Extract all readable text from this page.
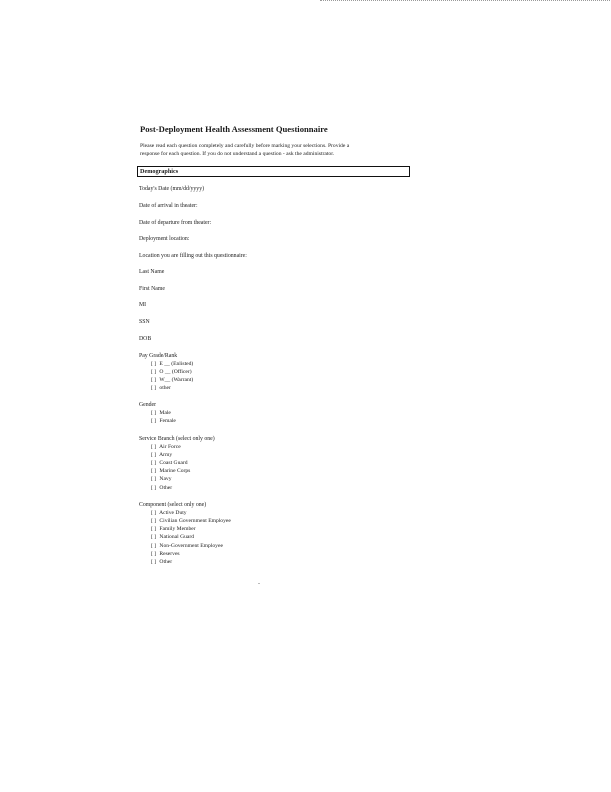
Post-Deployment Health Assessment Questionnaire
Please read each question completely and carefully before marking your selections. Provide a
response for each question. If you do not understand a question - ask the administrator.
Demographics
Today's Date (mm/dd/yyyy)
Date of arrival in theater:
Date of departure from theater:
Deployment location:
Location you are filling out this questionnaire:
Last Name
First Name
MI
SSN
DOB
Pay Grade/Rank
[ ] E __ (Enlisted)
[ ] O __ (Officer)
[ ] W__ (Warrant)
[ ] other
Gender
[ ] Male
[ ] Female
Service Branch (select only one)
[ ] Air Force
[ ] Army
[ ] Coast Guard
[ ] Marine Corps
[ ] Navy
[ ] Other
Component (select only one)
[ ] Active Duty
[ ] Civilian Government Employee
[ ] Family Member
[ ] National Guard
[ ] Non-Government Employee
[ ] Reserves
[ ] Other
